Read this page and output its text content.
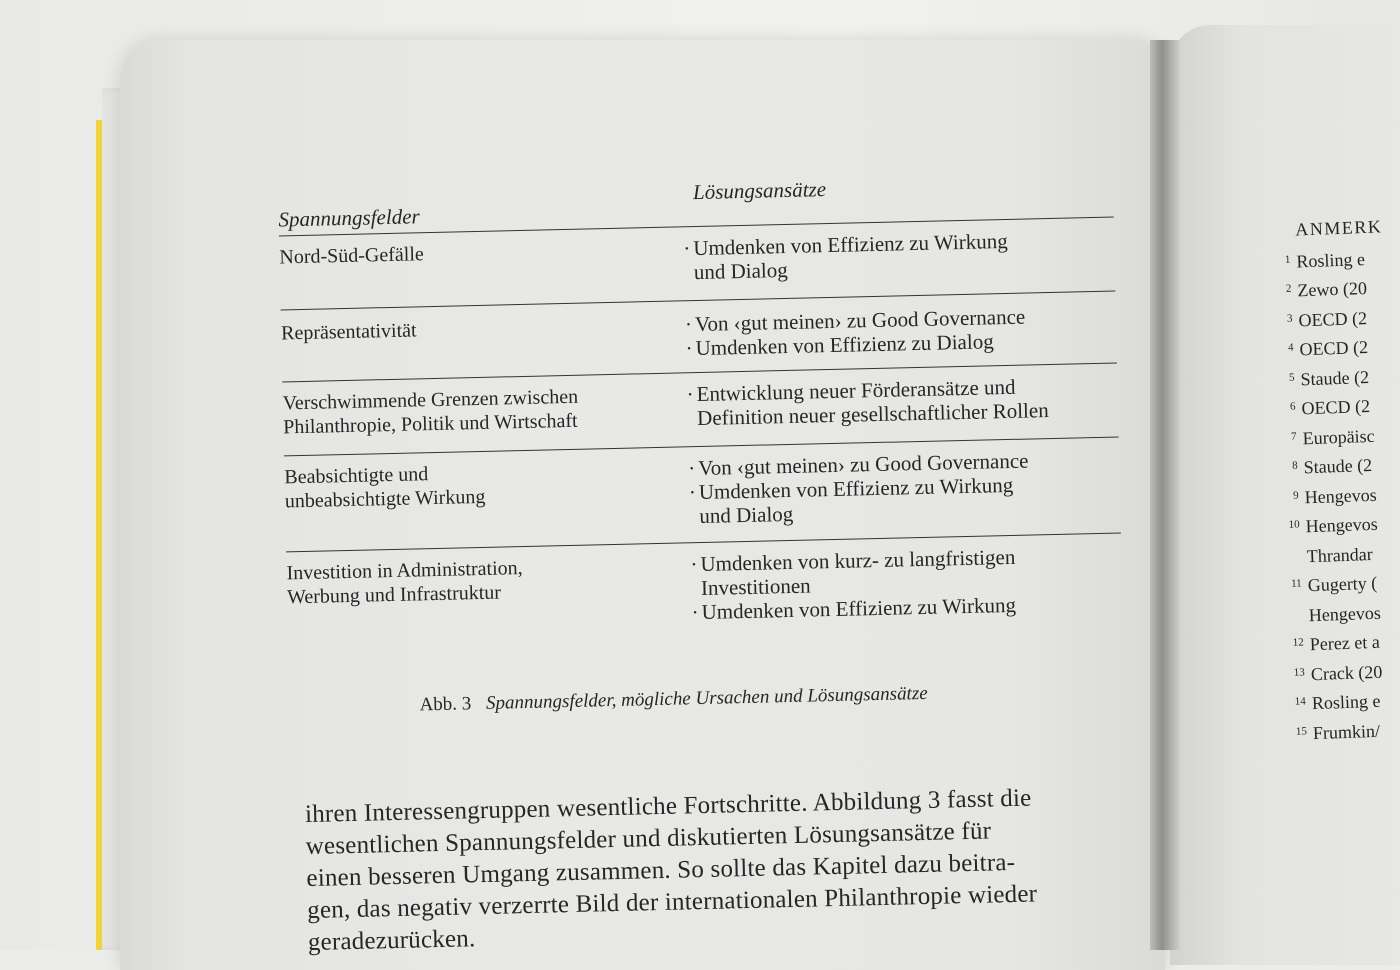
Spannungsfelder
Lösungsansätze
Nord-Süd-Gefälle	· Umdenken von Effizienz zu Wirkung
und Dialog
Repräsentativität	· Von ‹gut meinen› zu Good Governance
· Umdenken von Effizienz zu Dialog
Verschwimmende Grenzen zwischen
Philanthropie, Politik und Wirtschaft
· Entwicklung neuer Förderansätze und
Definition neuer gesellschaftlicher Rollen
Beabsichtigte und
unbeabsichtigte Wirkung
· Von ‹gut meinen› zu Good Governance
· Umdenken von Effizienz zu Wirkung
und Dialog
Investition in Administration,
Werbung und Infrastruktur
· Umdenken von kurz- zu langfristigen
Investitionen
· Umdenken von Effizienz zu Wirkung
Abb. 3 Spannungsfelder, mögliche Ursachen und Lösungsansätze
ihren Interessengruppen wesentliche Fortschritte. Abbildung 3 fasst die
wesentlichen Spannungsfelder und diskutierten Lösungsansätze für
einen besseren Umgang zusammen. So sollte das Kapitel dazu beitra-
gen, das negativ verzerrte Bild der internationalen Philanthropie wieder
geradezurücken.
ANMERK
1 Rosling e
2 Zewo (20
3 OECD (2
4 OECD (2
5 Staude (2
6 OECD (2
7 Europäisc
8 Staude (2
9 Hengevos
10 Hengevos
Thrandar
11 Gugerty (
Hengevos
12 Perez et a
13 Crack (20
14 Rosling e
15 Frumkin/
